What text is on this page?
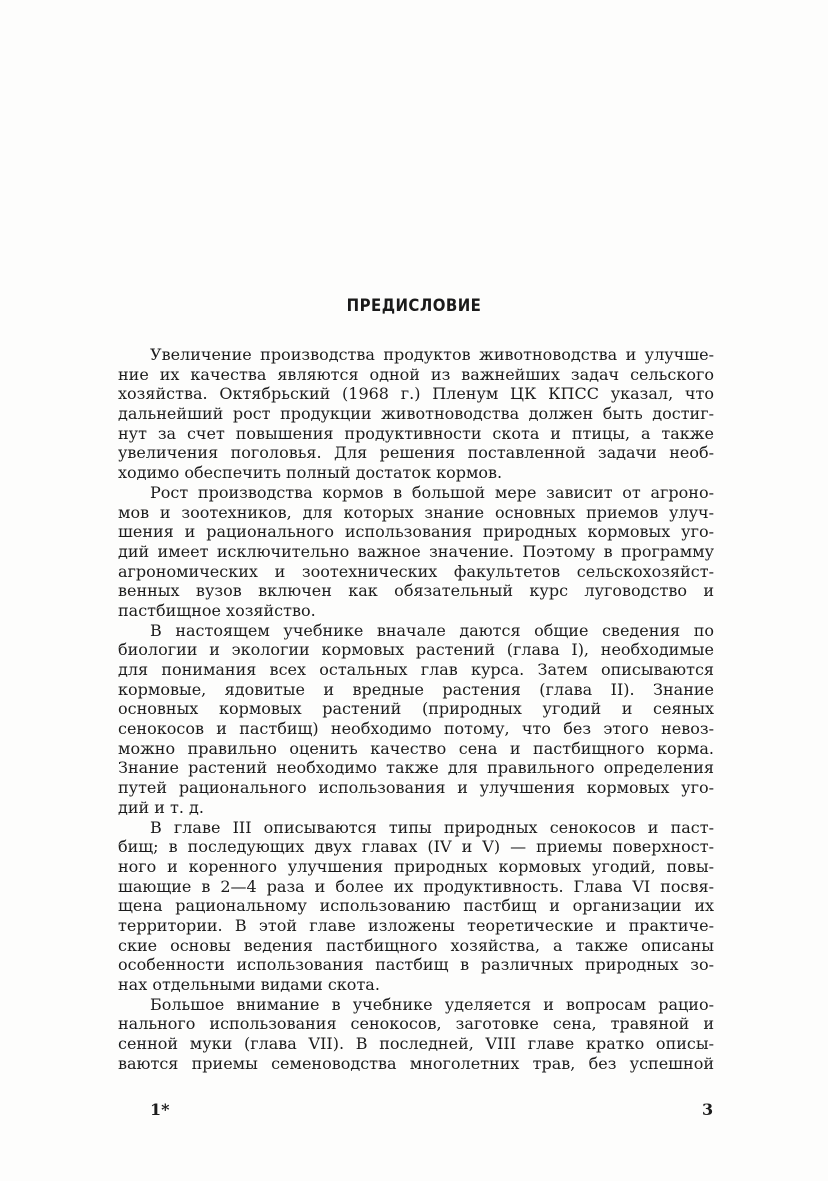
ПРЕДИСЛОВИЕ
Увеличение производства продуктов животноводства и улучше-
ние их качества являются одной из важнейших задач сельского
хозяйства. Октябрьский (1968 г.) Пленум ЦК КПСС указал, что
дальнейший рост продукции животноводства должен быть достиг-
нут за счет повышения продуктивности скота и птицы, а также
увеличения поголовья. Для решения поставленной задачи необ-
ходимо обеспечить полный достаток кормов.
Рост производства кормов в большой мере зависит от агроно-
мов и зоотехников, для которых знание основных приемов улуч-
шения и рационального использования природных кормовых уго-
дий имеет исключительно важное значение. Поэтому в программу
агрономических и зоотехнических факультетов сельскохозяйст-
венных вузов включен как обязательный курс луговодство и
пастбищное хозяйство.
В настоящем учебнике вначале даются общие сведения по
биологии и экологии кормовых растений (глава I), необходимые
для понимания всех остальных глав курса. Затем описываются
кормовые, ядовитые и вредные растения (глава II). Знание
основных кормовых растений (природных угодий и сеяных
сенокосов и пастбищ) необходимо потому, что без этого невоз-
можно правильно оценить качество сена и пастбищного корма.
Знание растений необходимо также для правильного определения
путей рационального использования и улучшения кормовых уго-
дий и т. д.
В главе III описываются типы природных сенокосов и паст-
бищ; в последующих двух главах (IV и V) — приемы поверхност-
ного и коренного улучшения природных кормовых угодий, повы-
шающие в 2—4 раза и более их продуктивность. Глава VI посвя-
щена рациональному использованию пастбищ и организации их
территории. В этой главе изложены теоретические и практиче-
ские основы ведения пастбищного хозяйства, а также описаны
особенности использования пастбищ в различных природных зо-
нах отдельными видами скота.
Большое внимание в учебнике уделяется и вопросам рацио-
нального использования сенокосов, заготовке сена, травяной и
сенной муки (глава VII). В последней, VIII главе кратко описы-
ваются приемы семеноводства многолетних трав, без успешной
1*	3
